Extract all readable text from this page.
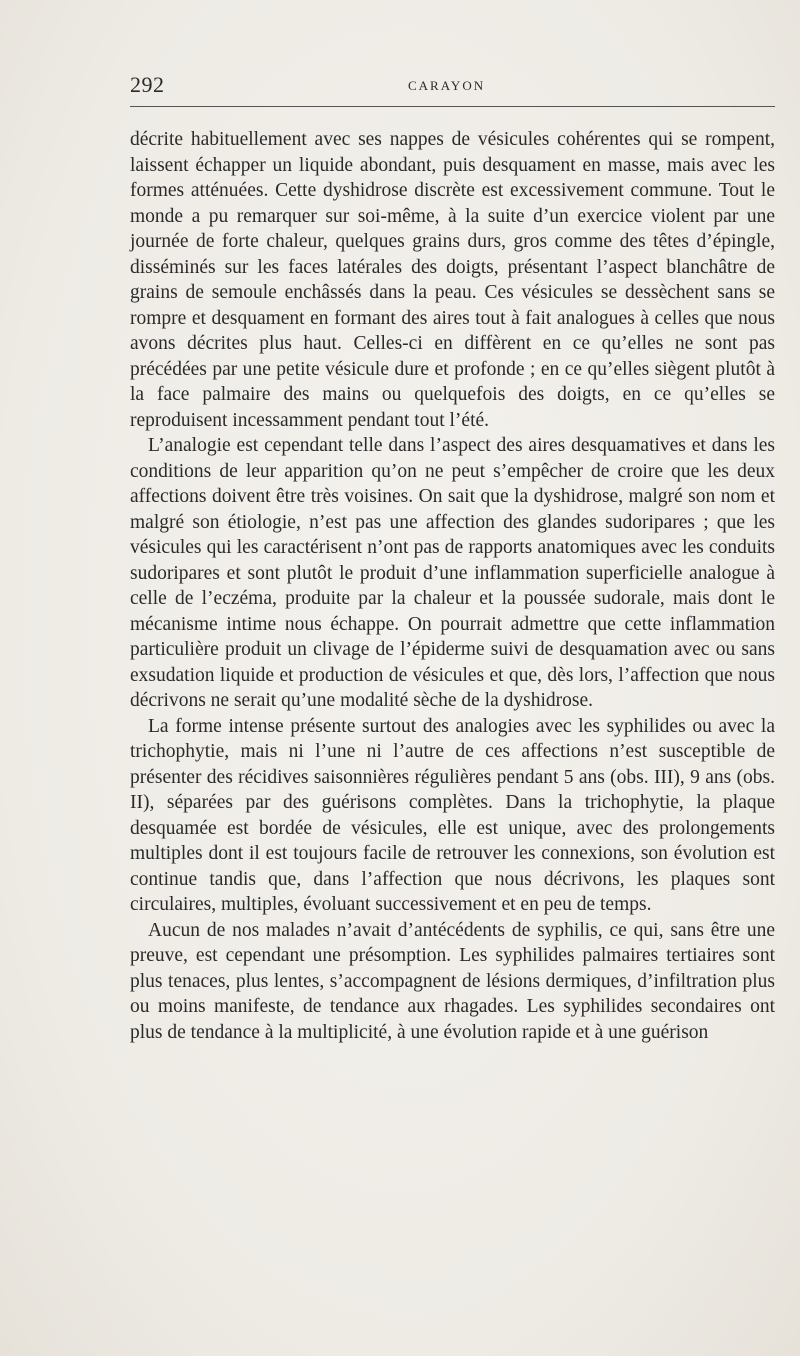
292	CARAYON

décrite habituellement avec ses nappes de vésicules cohérentes qui se rompent, laissent échapper un liquide abondant, puis desquament en masse, mais avec les formes atténuées. Cette dyshidrose discrète est excessivement commune. Tout le monde a pu remarquer sur soi-même, à la suite d’un exercice violent par une journée de forte chaleur, quelques grains durs, gros comme des têtes d’épingle, disséminés sur les faces latérales des doigts, présentant l’aspect blanchâtre de grains de semoule enchâssés dans la peau. Ces vésicules se dessèchent sans se rompre et desquament en formant des aires tout à fait analogues à celles que nous avons décrites plus haut. Celles-ci en diffèrent en ce qu’elles ne sont pas précédées par une petite vésicule dure et profonde ; en ce qu’elles siègent plutôt à la face palmaire des mains ou quelquefois des doigts, en ce qu’elles se reproduisent incessamment pendant tout l’été.

L’analogie est cependant telle dans l’aspect des aires desquamatives et dans les conditions de leur apparition qu’on ne peut s’empêcher de croire que les deux affections doivent être très voisines. On sait que la dyshidrose, malgré son nom et malgré son étiologie, n’est pas une affection des glandes sudoripares ; que les vésicules qui les caractérisent n’ont pas de rapports anatomiques avec les conduits sudoripares et sont plutôt le produit d’une inflammation superficielle analogue à celle de l’eczéma, produite par la chaleur et la poussée sudorale, mais dont le mécanisme intime nous échappe. On pourrait admettre que cette inflammation particulière produit un clivage de l’épiderme suivi de desquamation avec ou sans exsudation liquide et production de vésicules et que, dès lors, l’affection que nous décrivons ne serait qu’une modalité sèche de la dyshidrose.

La forme intense présente surtout des analogies avec les syphilides ou avec la trichophytie, mais ni l’une ni l’autre de ces affections n’est susceptible de présenter des récidives saisonnières régulières pendant 5 ans (obs. III), 9 ans (obs. II), séparées par des guérisons complètes. Dans la trichophytie, la plaque desquamée est bordée de vésicules, elle est unique, avec des prolongements multiples dont il est toujours facile de retrouver les connexions, son évolution est continue tandis que, dans l’affection que nous décrivons, les plaques sont circulaires, multiples, évoluant successivement et en peu de temps.

Aucun de nos malades n’avait d’antécédents de syphilis, ce qui, sans être une preuve, est cependant une présomption. Les syphilides palmaires tertiaires sont plus tenaces, plus lentes, s’accompagnent de lésions dermiques, d’infiltration plus ou moins manifeste, de tendance aux rhagades. Les syphilides secondaires ont plus de tendance à la multiplicité, à une évolution rapide et à une guérison
